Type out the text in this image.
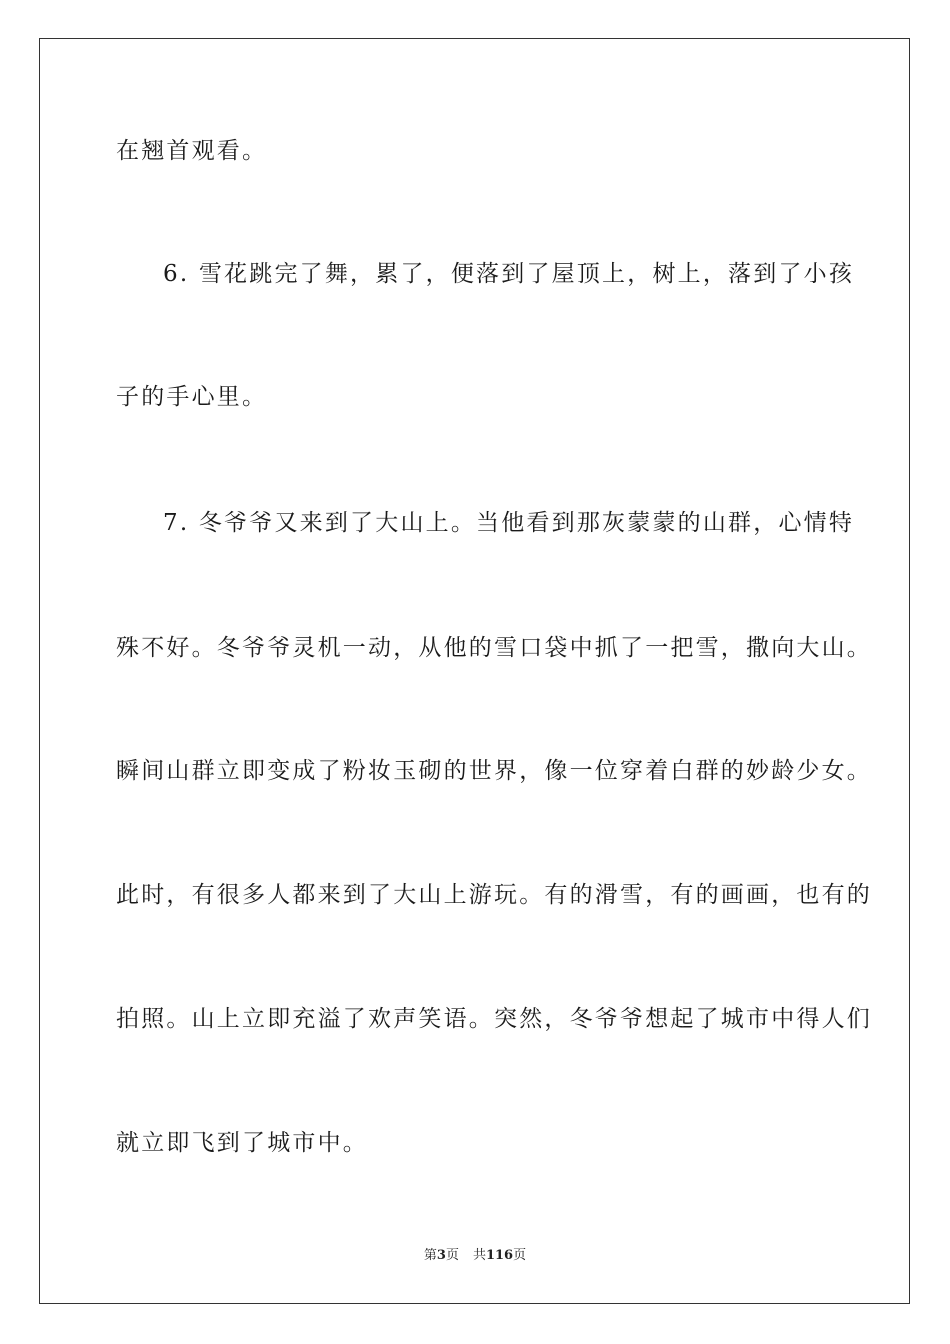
在翘首观看。
6. 雪花跳完了舞，累了，便落到了屋顶上，树上，落到了小孩
子的手心里。
7. 冬爷爷又来到了大山上。当他看到那灰蒙蒙的山群，心情特
殊不好。冬爷爷灵机一动，从他的雪口袋中抓了一把雪，撒向大山。
瞬间山群立即变成了粉妆玉砌的世界，像一位穿着白群的妙龄少女。
此时，有很多人都来到了大山上游玩。有的滑雪，有的画画，也有的
拍照。山上立即充溢了欢声笑语。突然，冬爷爷想起了城市中得人们
就立即飞到了城市中。
第3页 共116页
